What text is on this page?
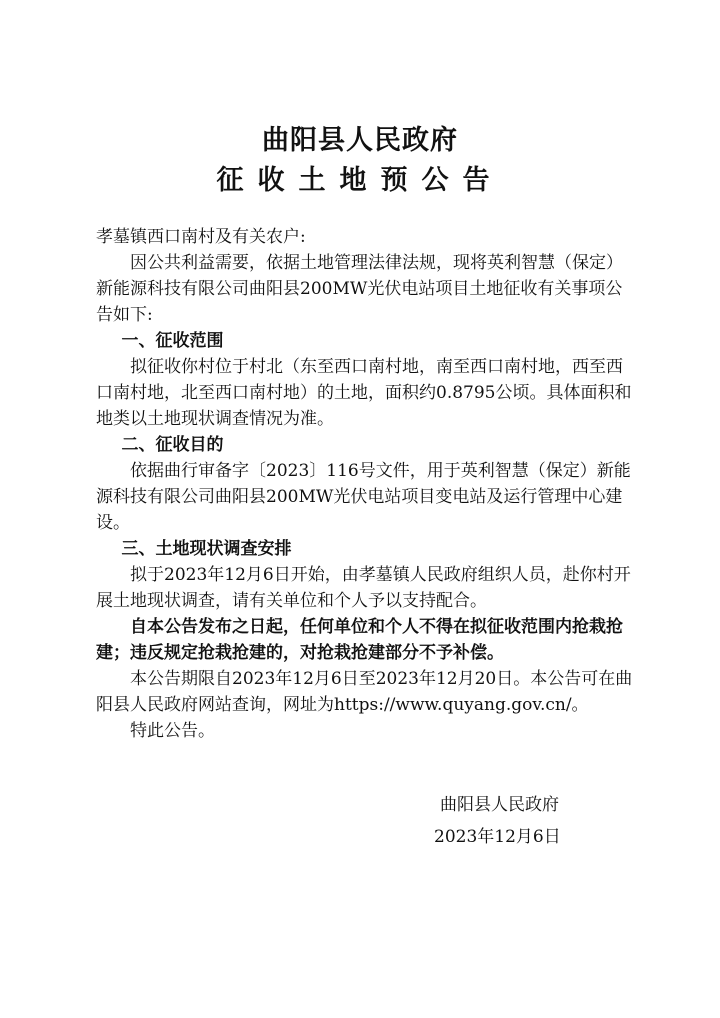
曲阳县人民政府
征收土地预公告

孝墓镇西口南村及有关农户:

因公共利益需要，依据土地管理法律法规，现将英利智慧（保定）新能源科技有限公司曲阳县200MW光伏电站项目土地征收有关事项公告如下:

一、征收范围

拟征收你村位于村北（东至西口南村地，南至西口南村地，西至西口南村地，北至西口南村地）的土地，面积约0.8795公顷。具体面积和地类以土地现状调查情况为准。

二、征收目的

依据曲行审备字〔2023〕116号文件，用于英利智慧（保定）新能源科技有限公司曲阳县200MW光伏电站项目变电站及运行管理中心建设。

三、土地现状调查安排

拟于2023年12月6日开始，由孝墓镇人民政府组织人员，赴你村开展土地现状调查，请有关单位和个人予以支持配合。

自本公告发布之日起，任何单位和个人不得在拟征收范围内抢栽抢建；违反规定抢栽抢建的，对抢栽抢建部分不予补偿。

本公告期限自2023年12月6日至2023年12月20日。本公告可在曲阳县人民政府网站查询，网址为https://www.quyang.gov.cn/。

特此公告。

曲阳县人民政府
2023年12月6日
